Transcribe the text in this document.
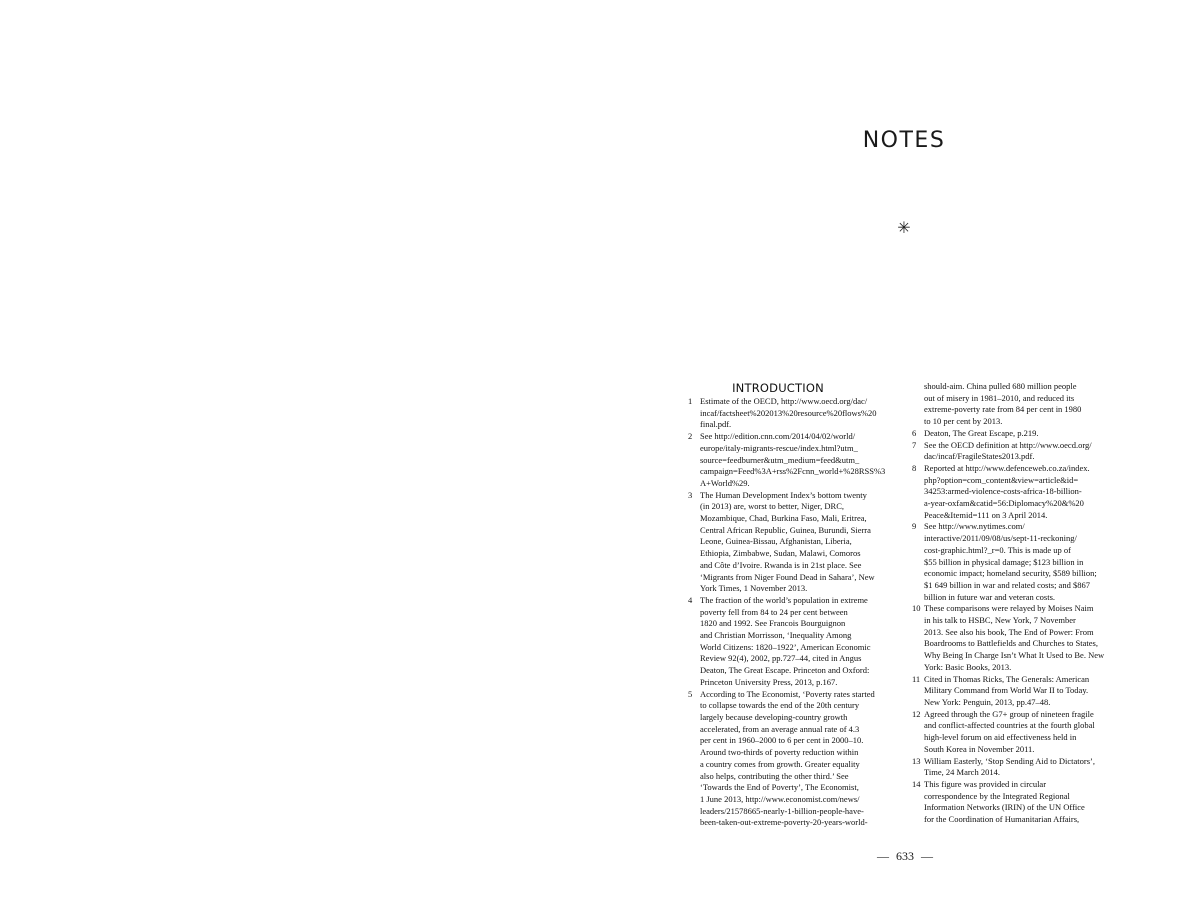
NOTES
✳
INTRODUCTION
1 Estimate of the OECD, http://www.oecd.org/dac/
incaf/factsheet%202013%20resource%20flows%20
final.pdf.
2 See http://edition.cnn.com/2014/04/02/world/
europe/italy-migrants-rescue/index.html?utm_
source=feedburner&utm_medium=feed&utm_
campaign=Feed%3A+rss%2Fcnn_world+%28RSS%3
A+World%29.
3 The Human Development Index’s bottom twenty
(in 2013) are, worst to better, Niger, DRC,
Mozambique, Chad, Burkina Faso, Mali, Eritrea,
Central African Republic, Guinea, Burundi, Sierra
Leone, Guinea-Bissau, Afghanistan, Liberia,
Ethiopia, Zimbabwe, Sudan, Malawi, Comoros
and Côte d’Ivoire. Rwanda is in 21st place. See
‘Migrants from Niger Found Dead in Sahara’, New
York Times, 1 November 2013.
4 The fraction of the world’s population in extreme
poverty fell from 84 to 24 per cent between
1820 and 1992. See Francois Bourguignon
and Christian Morrisson, ‘Inequality Among
World Citizens: 1820–1922’, American Economic
Review 92(4), 2002, pp.727–44, cited in Angus
Deaton, The Great Escape. Princeton and Oxford:
Princeton University Press, 2013, p.167.
5 According to The Economist, ‘Poverty rates started
to collapse towards the end of the 20th century
largely because developing-country growth
accelerated, from an average annual rate of 4.3
per cent in 1960–2000 to 6 per cent in 2000–10.
Around two-thirds of poverty reduction within
a country comes from growth. Greater equality
also helps, contributing the other third.’ See
‘Towards the End of Poverty’, The Economist,
1 June 2013, http://www.economist.com/news/
leaders/21578665-nearly-1-billion-people-have-
been-taken-out-extreme-poverty-20-years-world-
should-aim. China pulled 680 million people
out of misery in 1981–2010, and reduced its
extreme-poverty rate from 84 per cent in 1980
to 10 per cent by 2013.
6 Deaton, The Great Escape, p.219.
7 See the OECD definition at http://www.oecd.org/
dac/incaf/FragileStates2013.pdf.
8 Reported at http://www.defenceweb.co.za/index.
php?option=com_content&view=article&id=
34253:armed-violence-costs-africa-18-billion-
a-year-oxfam&catid=56:Diplomacy%20&%20
Peace&Itemid=111 on 3 April 2014.
9 See http://www.nytimes.com/
interactive/2011/09/08/us/sept-11-reckoning/
cost-graphic.html?_r=0. This is made up of
$55 billion in physical damage; $123 billion in
economic impact; homeland security, $589 billion;
$1 649 billion in war and related costs; and $867
billion in future war and veteran costs.
10 These comparisons were relayed by Moises Naim
in his talk to HSBC, New York, 7 November
2013. See also his book, The End of Power: From
Boardrooms to Battlefields and Churches to States,
Why Being In Charge Isn’t What It Used to Be. New
York: Basic Books, 2013.
11 Cited in Thomas Ricks, The Generals: American
Military Command from World War II to Today.
New York: Penguin, 2013, pp.47–48.
12 Agreed through the G7+ group of nineteen fragile
and conflict-affected countries at the fourth global
high-level forum on aid effectiveness held in
South Korea in November 2011.
13 William Easterly, ‘Stop Sending Aid to Dictators’,
Time, 24 March 2014.
14 This figure was provided in circular
correspondence by the Integrated Regional
Information Networks (IRIN) of the UN Office
for the Coordination of Humanitarian Affairs,
— 633 —
